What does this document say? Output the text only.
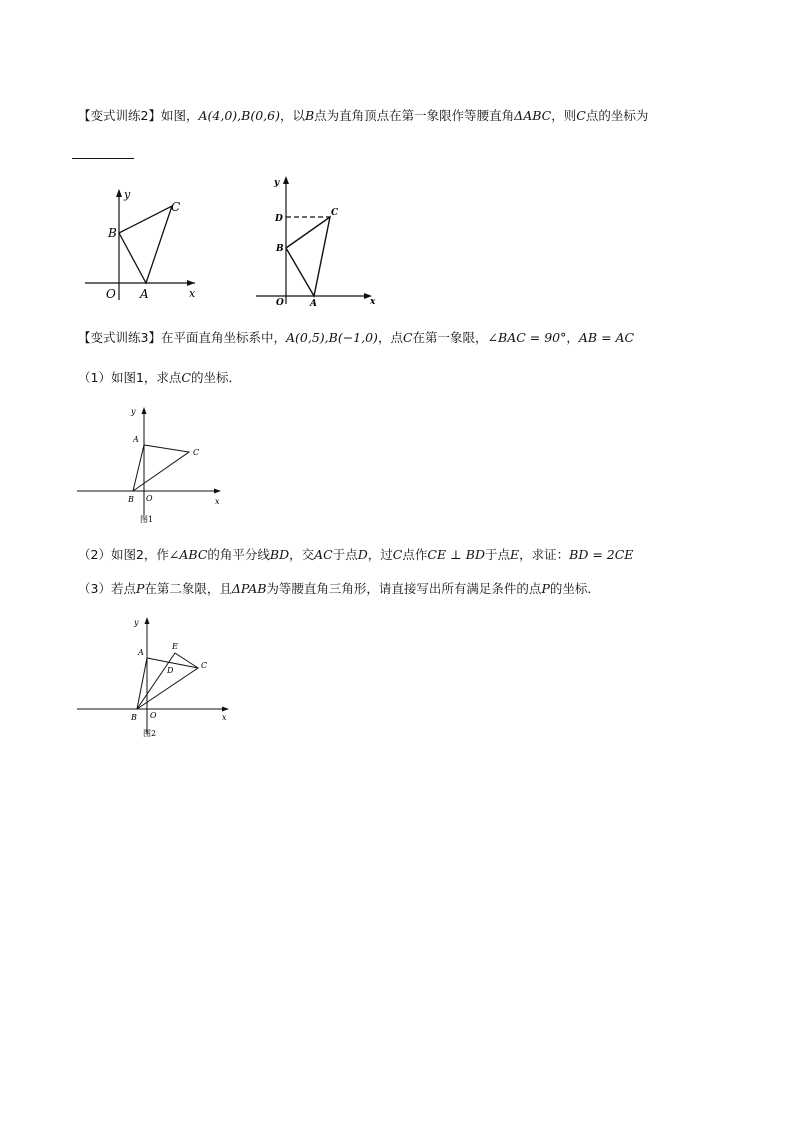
【变式训练2】如图，A(4,0),B(0,6)，以B点为直角顶点在第一象限作等腰直角ΔABC，则C点的坐标为
y
x
O A
B
C
y
x
O	A
B
C
D
【变式训练3】在平面直角坐标系中，A(0,5),B(−1,0)，点C在第一象限，∠BAC = 90°，AB = AC
（1）如图1，求点C的坐标．
y
x
O
A
B
C
图1
（2）如图2，作∠ABC的角平分线BD，交AC于点D，过C点作CE ⊥ BD于点E，求证：BD = 2CE
（3）若点P在第二象限，且ΔPAB为等腰直角三角形，请直接写出所有满足条件的点P的坐标．
y
x
O
A
B
C
D
E
图2
